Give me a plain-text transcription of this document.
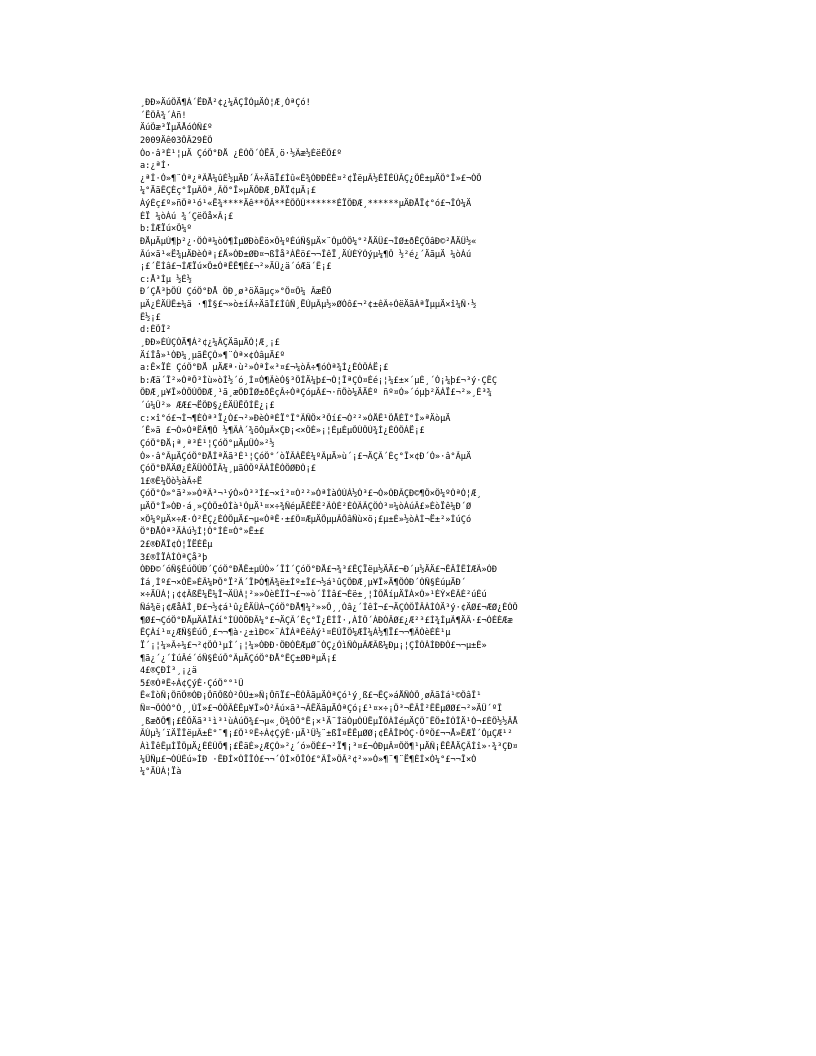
¸ÐÐ»ÄúÔÄ¶Á´ËÐÅ²¢¿¼ÂÇÎÒµÄÓ¦Æ¸ÒªÇó!
´ËÖÂ¾´Àñ!
ÄúÕæ³ÏµÄÅóÓÑ£º
2009Äê03ÔÂ29ÈÕ
Òo·â³É¹¦µÄ ÇóÖ°ÐÅ ¿ÉÒÔ´ÓËÄ¸ö·½Ãæ½ÈëÊÖ£º
a:¿ªÍ·
¿ªÍ·Ò»¶¨Òª¿ªÃÅ¼ûÉ½µÄÐ´Ã÷ÄãÏ£Íû«È¾ÓÐÐÈÈ¤²¢ÏëµÃ½ÉÎÉÚÃÇ¿ÕÈ±µÄÖ°Î»£¬ÒÔ
¼°ÄãÊÇÈç°ÎµÃÖª¸ÃÖ°Î»µÄÕÐÆ¸ÐÅÏ¢µÄ¡£
ÀýÈç£º»ñÖª¹ó¹«Ë¾****Äê**ÔÂ**ÈÕÔÚ******ÉÏÕÐÆ¸******µÄÐÅÏ¢°ó£¬ÎÒ¼Ä
ÉÏ ¼òÀú ¾´ÇëÕå×Ã¡£
b:ÍÆÏú×Ô¼º
ÐÅµÄµÚ¶þ²¿·ÖÒª¼òÒ¶ÌµØÐòÊö×Ô¼ºÉúÑ§µÄ×¨ÒµÒÔ¼°²ÅÄÜ£¬ÌØ±ðÊÇÕâÐ©²ÅÄÜ½«
Âú×ã¹«Ë¾µÄÐèÒª¡£Å»ÓÐ±ØÐ¤¬ßÎå³ÀÊö£¬¬ÎêÏ¸ÄÚÈÝÒýµ¼¶Ô ½²é¿´ÄãµÄ ¼òÀú
¡£´ËÍâ£¬ÍÆÏú×Ô±ÒªÊÊ¶È£¬²»ÄÜ¿ä´óÆä´Ê¡£
c:Å³Ìµ ½É½
Ð´ÇÅ³þÔÚ ÇóÖ°ÐÅ ÖÐ¸ø³öÄãµç»°Ô¤Ô¼ ÃæÊÔ
µÄ¿ÉÄÜÊ±¼ä ·¶Î§£¬»ò±íÃ÷ÄãÏ£ÍûÑ¸ËÙµÃµ½»ØÒô£¬²¢±êÃ÷ÓëÄãÁªÏµµÄ×î¼Ñ·½
Ê½¡£
d:ÈÕÎ²
¸ÐÐ»ÈÙÇÒÄ¶Á²¢¿¼ÂÇÄãµÄÓ¦Æ¸¡£
ÄíÎå»¹ÒÐ¼¸µãÊÇÒ»¶¨Òª×¢ÒâµÄ£º
a:Ê×ÏÈ ÇóÖ°ÐÅ µÄÆª·ù²»ÒªÌ«³¤£¬¼òÃ÷¶óÒª¾Í¿ÉÒÔÁË¡£
b:Æä´Î²»ÒªÕ³Ìù»òÌ½´ó¸Ì¤Ó¶ÃèÒ§³ÖÍÄ¼þ£¬Ó¦ÎªÇÓ¤Éé¡¦¼£±×´µÈ¸´Ó¡¼þ£¬³ý·ÇÊÇ
ÕÐÆ¸µ¥Î»ÒÔÚÕÐÆ¸¹ã¸æÖÐÌØ±ðÈçÃ÷ÒªÇóµÃ£¬·ñÔò¼ÄÄÉº ñº¤Ò»´óµþ²ÄÁÏ£¬²»¸É³¾
´ú¼Û²» ÆÆ£¬ËÕÐ§¿ÉÄÜËÕÍÊ¿¡£
c:×î°ó£¬Ì¬¶ÈÒª³Ï¿Ò£¬²»ÐèÒªÉÏ°Î°ÃÑÔ×³Ôí£¬Ò²²»ÒÅÊ¹ÕÅÈÎ°Î»ªÄòµÄ
´Ê»ã £¬Ó»ÒªËÃ¶Ô ½¶ÃÀ´¾õÒµÃ×ÇÐ¡<×ÔÈ»¡¦ÉµÈµÔÚÔÚ¾Í¿ÉÒÔÁË¡£
ÇóÖ°ÐÅ¡ª¸ª³É¹¦ÇóÖ°µÄµÜÒ»²½
Ò»·â°ÃµÄÇóÖ°ÐÅÍªÄã³É¹¦ÇóÖ°´òÏÂÁËÉ¼ºÃµÄ»ù´¡£¬ÄÇÃ´Èç°Î×¢Ð´Ò»·â°ÃµÄ
ÇóÖ°ÐÅÄØ¿ÉÄÜÒÔÏÂ¼¸µãÒÔºÃÀÎÊÓÔØÐÓ¡£
1£®Ê¼Öò½àÃ÷Ë
ÇóÖ°Ò»°ã²»»ÒªÃ³¬¹ýÒ»Ò³³Ì£¬×î³¤Ò²²»ÒªÌàÓÚÁ½Ò³£¬Ò»ÓÐÃÇÐ©¶Ô×Ô¼ºÒªÓ¦Æ¸
µÄÖ°Î»ÓÐ·á¸»ÇÓÖ±ÓÍà¹ÓµÄ¹¤×÷¾ÑéµÄÈËÊ²ÃÓÈ²ÉÓÃÃÇÖÒ³¤¼òÀúÂ£»ÈòÏê¼Ð´Ø
×Ô¼ºµÄ×÷Æ·Ò²ÊÇ¿ÉÒÔµÄ£¬µ«ÒªÊ·±£Ö¤ÆµÄÔµµÃÕâÑù×ö¡£µ±È»½òÀÌ¬Ë±²»ÍúÇó
Ö°ÐÅÒª³ÄÀú½Í¦Ò°ÍÈ¤Ò°»Ê±£
2£®ÐÅÎ¢Ó¦ÏËÉÊµ
3£®ÎÏÀÌÒªÇå³þ
ÓÐÐ©´óÑ§ÉúÔÚÐ´ÇóÖ°ÐÅÊ±µÚÒ»´ÎÍ´ÇóÖ°ÐÅ£¬¾³£ÊÇÏëµ½ÄÄ£¬Ð´µ½ÄÄ£¬ÊÂÎÊÌÆÃ»ÓÐ
Íá¸Ìº£¬×ÓÊ»ÉÂ¼ÞÔ°Ï²Ã´ÎÞÒ¶Ã¾ë±Ìº±Î£¬½á¹ûÇÕÐÆ¸µ¥Î»Ä¶ÔÓÐ´ÓÑ§ÉúµÄÐ´
×÷ÄÜÁ¦¡¢¢ÂßÊ¼Ë¼Î¬ÄÜÁ¦²»»ÓèÈÏÍ¬£¬»ò´ÎÍâ£¬Èë±¸¦ÌÕÅíµÄÎÀ×Ò»¹ÈÝ×ÈÃÈ²úÉú
Ñá¾ë¡¢ÆåÀÍ¸Ð£¬½¢á¹û¿ÉÄÜÁ¬ÇóÖ°ÐÅ¶¼²»»Ô¸¸Òâ¿´ÍêÍ¬£¬ÄÇÒÔÏÂÀÌÒÄ³ý·¢ÄØ£¬ÆØ¿ÉÒÔ
¶Ø£¬ÇóÖ°ÐÅµÄÀÏÀí°ÌÙÒÖÐÂ¼°£¬ÄÇÃ´Èç°Î¿ÉÍÎ·,ÀÌÔ´ÀÐÒÂØ£¿Æ²³£Ì¾ÍµÃ¶ÄÃ·£¬ÓÉÈÆæ
ÊÇÀí¹¤¿ÆÑ§ÉúÔ¸£¬¬¶à·¿±ìÐ©×¨ÀÍÁªÈëÀý¹¤ÈÙÎÔ¼ÆÎ¼Á½¶Ï£¬¬¶ÃÓèÉÈ¹µ
Ï´¡¦¼»Â÷¼£¬²¢ÕÒ¹µÍ´¡¦¼»ÒÐÐ·ÔÐÓÈÆµØ¯ÓÇ¿ÓìÑÓµÃÆÃß¼Ðµ¡¦ÇÎÒÀÍÐÐÓ£¬¬µ±È»
¶ã¿´¿´ÍúÂé´óÑ§ÉúÕ°ÃµÄÇóÖ°ÐÅ°ÊÇ±ØÐªµÄ¡£
4£®ÇÐÍ³¸¡¿ä
5£®ÒªÊ÷Á¢ÇýÈ·ÇóÖ°°¹Û
Ê«ÍòÑ¡ÔñÕ®ÓÐ¡ÔñÕßÓ²ÔÚ±»Ñ¡ÔñÏ£¬ÈÒÂãµÄÒªÇó¹ý¸ß£¬ÊÇ»áÅÑÒÔ¸øÂãÍá¹©ÔâÎ¹
Ñ¤¬ÕÒÓ°Ò¸¸ÚÎ»£¬ÒÔÂÈÊµ¥Î»Ò²Ãú×ã³¬ÃÊÄãµÄÒªÇó¡£¹¤×÷¡Ö³¬ÊÂÎ²ÊÊµØØ£¬²»ÄÜ´ºÎ
¸ßæðÕ¶¡£ÊÕÄã³¹ì³¹ùÀúÖ¾£¬µ«¸Ö¾ÓÔ°Ê¡×¹Ä¨ÌäÓµÓÚÊµÏÖÀÌéµÄÇÖ¯ÊÔ±ÌÒÎÄ¹Ò¬£ÈÔ½½ÂÅ
ÂÚµ½´ïÄÏÎëµÃ±È°¯¶¡£Ö¹ºÊ÷Á¢ÇýÈ·µÄ¹Û½¨±ßÎ¤ÊÊµØØ¡¢ÊÂÎÞÒÇ·ÕºÔ£¬¬Å»ÊÆÏ´ÓµÇÆ¹²
ÀìÏêÊµÌÏÖµÄ¿ÉÉÙÕ¶¡£ËäÈ»¿ÆÇÓ»²¿´ó»ÖÉ£¬²Ï¶¡³¤£¬ÓÐµÂ¤ÔÖ¶¹µÄÑ¡ÊÊÅÄÇÃÍî»·¾³ÇÐ¤
¼ÛÑµ£¬ÓÚÉú»ÍÐ ·ÊÐÍ×ÓÎÎÒ£¬¬´ÒÌ×ÔÎÒ£°ÃÎ»ÖÃ²¢²»»Ò»¶¨¶¨Ë¶ÈÍ×Ò¼°£¬¬Î×Ò
¼°ÄÚÀ¦Ïà
